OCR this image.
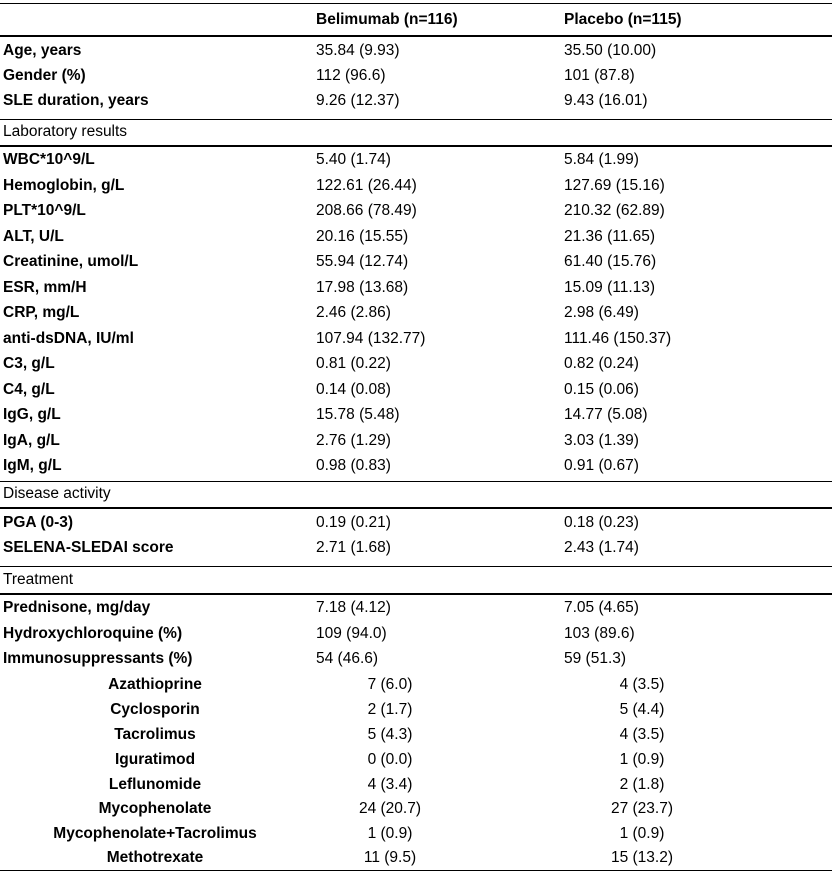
Belimumab (n=116)	Placebo (n=115)
Age, years	35.84 (9.93)	35.50 (10.00)
Gender (%)	112 (96.6)	101 (87.8)
SLE duration, years	9.26 (12.37)	9.43 (16.01)
Laboratory results
WBC*10^9/L	5.40 (1.74)	5.84 (1.99)
Hemoglobin, g/L	122.61 (26.44)	127.69 (15.16)
PLT*10^9/L	208.66 (78.49)	210.32 (62.89)
ALT, U/L	20.16 (15.55)	21.36 (11.65)
Creatinine, umol/L	55.94 (12.74)	61.40 (15.76)
ESR, mm/H	17.98 (13.68)	15.09 (11.13)
CRP, mg/L	2.46 (2.86)	2.98 (6.49)
anti-dsDNA, IU/ml	107.94 (132.77)	111.46 (150.37)
C3, g/L	0.81 (0.22)	0.82 (0.24)
C4, g/L	0.14 (0.08)	0.15 (0.06)
IgG, g/L	15.78 (5.48)	14.77 (5.08)
IgA, g/L	2.76 (1.29)	3.03 (1.39)
IgM, g/L	0.98 (0.83)	0.91 (0.67)
Disease activity
PGA (0-3)	0.19 (0.21)	0.18 (0.23)
SELENA-SLEDAI score	2.71 (1.68)	2.43 (1.74)
Treatment
Prednisone, mg/day	7.18 (4.12)	7.05 (4.65)
Hydroxychloroquine (%)	109 (94.0)	103 (89.6)
Immunosuppressants (%)	54 (46.6)	59 (51.3)
Azathioprine	7 (6.0)	4 (3.5)
Cyclosporin	2 (1.7)	5 (4.4)
Tacrolimus	5 (4.3)	4 (3.5)
Iguratimod	0 (0.0)	1 (0.9)
Leflunomide	4 (3.4)	2 (1.8)
Mycophenolate	24 (20.7)	27 (23.7)
Mycophenolate+Tacrolimus	1 (0.9)	1 (0.9)
Methotrexate	11 (9.5)	15 (13.2)
